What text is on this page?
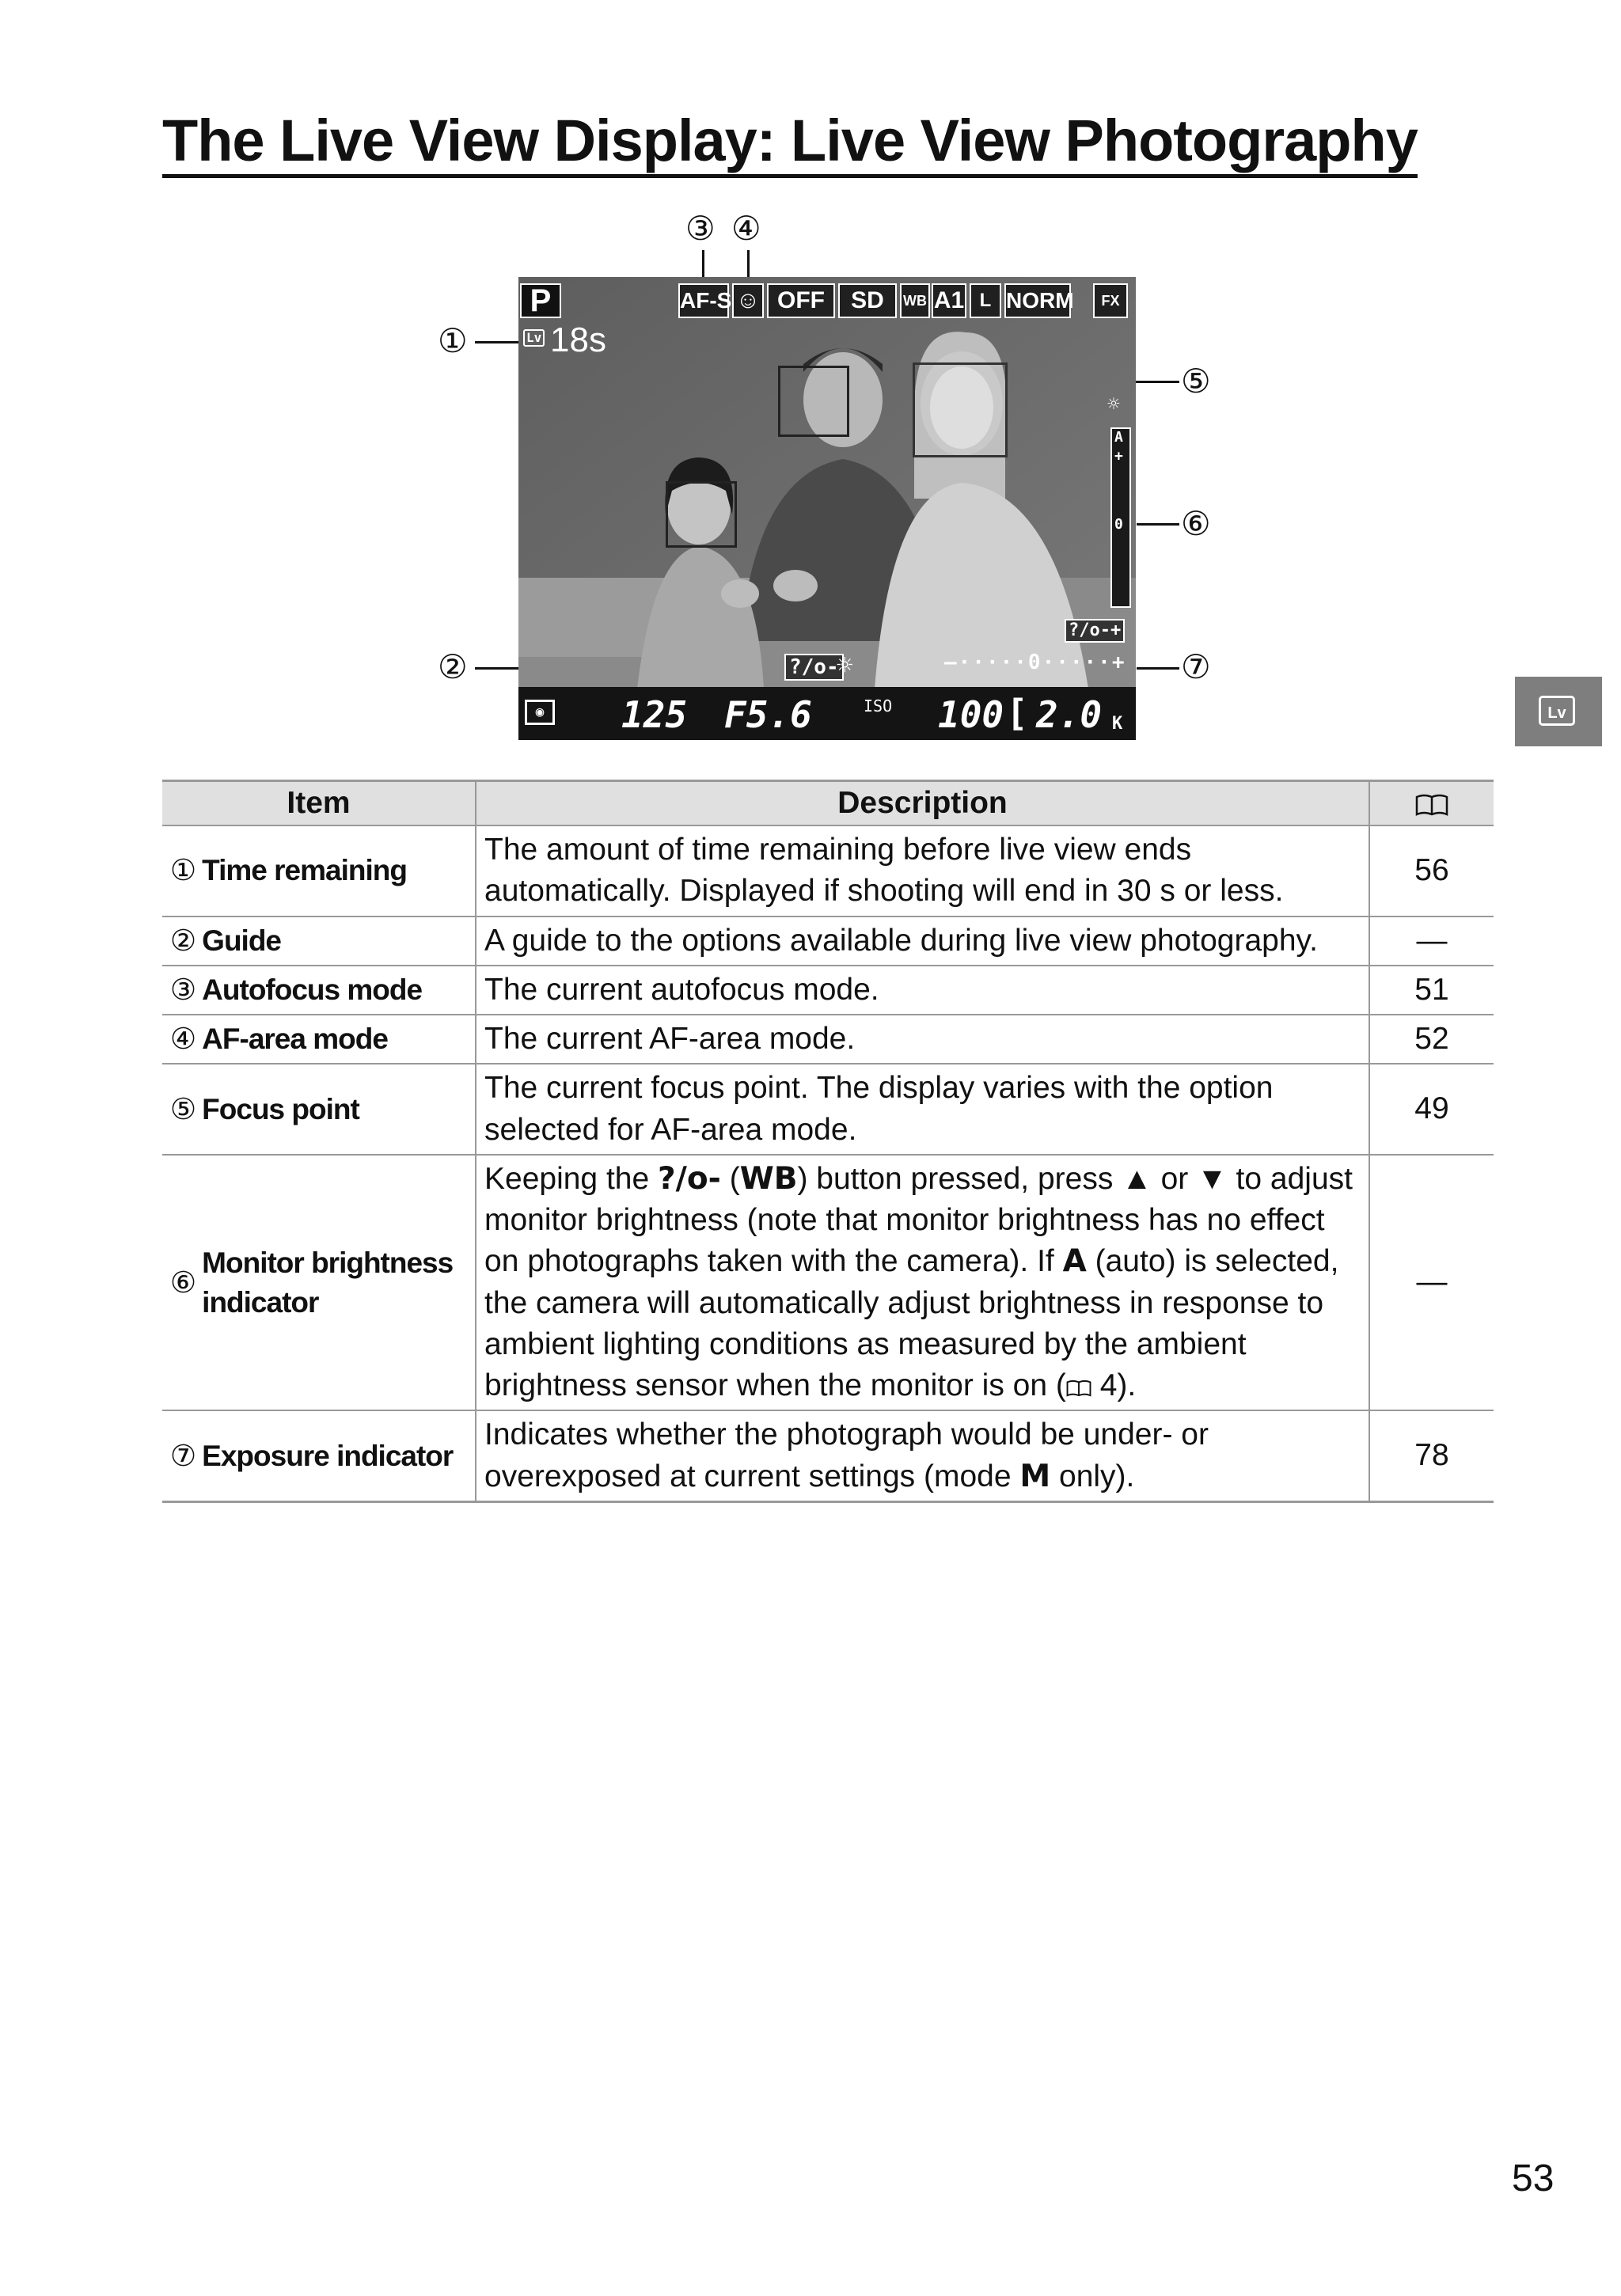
The Live View Display: Live View Photography
③ ④
①
②
⑤
⑥
⑦
P	AF-S ☺ OFF	SD	WB A1 L NORM	FX
Lv 18s
☼
A
+
0
?/o-+
?/o-
☼	–·····0·····+
◉ 125 F5.6	ISO 100 [ 2.0 K
Lv
Item	Description	

① Time remaining	The amount of time remaining before live view ends automatically. Displayed if shooting will end in 30 s or less.	56

② Guide	A guide to the options available during live view photography.	—

③ Autofocus mode	The current autofocus mode.	51

④ AF-area mode	The current AF-area mode.	52

⑤ Focus point	The current focus point. The display varies with the option selected for AF-area mode.	49

⑥
Monitor brightness indicator	Keeping the ?/o- (WB) button pressed, press ▲ or ▼ to adjust monitor brightness (note that monitor brightness has no effect on photographs taken with the camera). If A (auto) is selected, the camera will automatically adjust brightness in response to ambient lighting conditions as measured by the ambient brightness sensor when the monitor is on ( 4).	—

⑦ Exposure indicator	Indicates whether the photograph would be under- or overexposed at current settings (mode M only).	78
53
